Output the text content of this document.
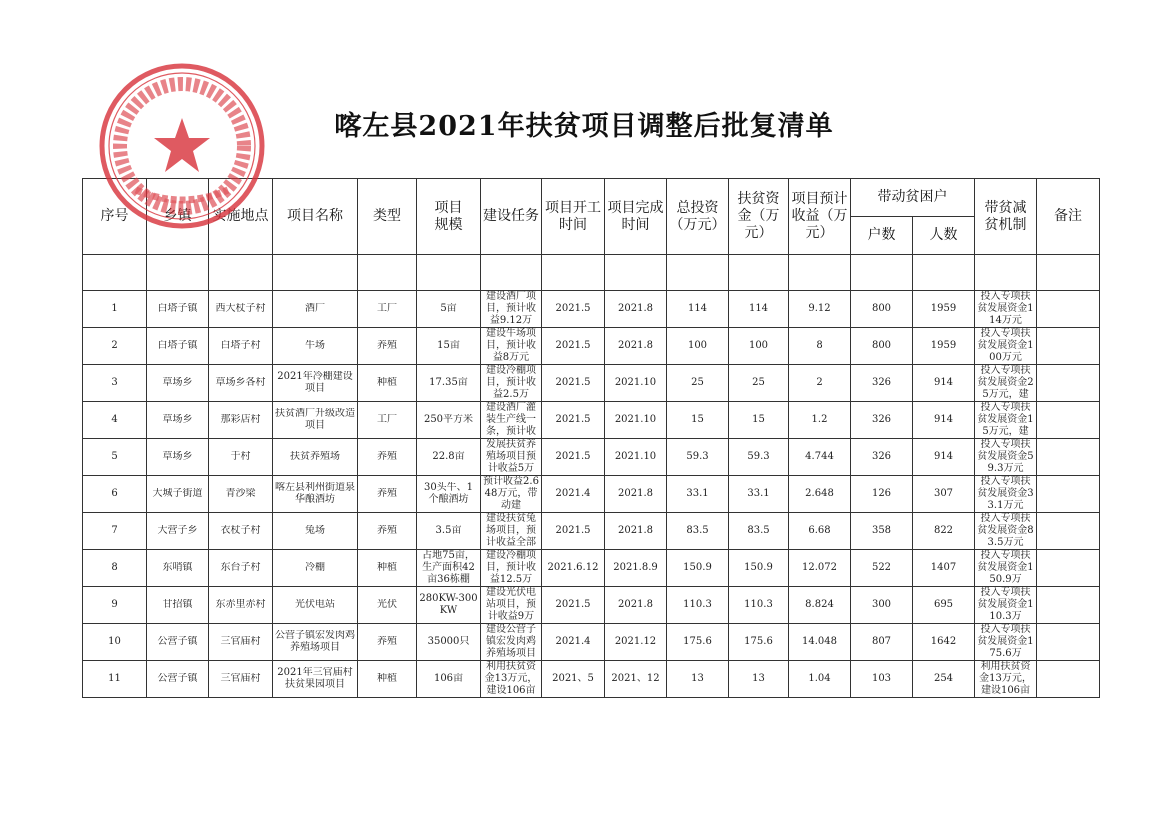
喀左县2021年扶贫项目调整后批复清单
序号	乡镇	实施地点	项目名称	类型	项目规模	建设任务	项目开工时间	项目完成时间	总投资（万元）	扶贫资金（万元）	项目预计收益（万元）	带动贫困户		带贫减贫机制	备注
												户数	人数		

1	白塔子镇	西大杖子村	酒厂	工厂	5亩	建设酒厂项目，预计收益9.12万	2021.5	2021.8	114	114	9.12	800	1959	投入专项扶贫发展资金114万元	

2	白塔子镇	白塔子村	牛场	养殖	15亩	建设牛场项目，预计收益8万元	2021.5	2021.8	100	100	8	800	1959	投入专项扶贫发展资金100万元	

3	草场乡	草场乡各村	2021年冷棚建设项目	种植	17.35亩	建设冷棚项目，预计收益2.5万	2021.5	2021.10	25	25	2	326	914	投入专项扶贫发展资金25万元，建	

4	草场乡	那彩店村	扶贫酒厂升级改造项目	工厂	250平方米	建设酒厂灌装生产线一条，预计收	2021.5	2021.10	15	15	1.2	326	914	投入专项扶贫发展资金15万元，建	

5	草场乡	于村	扶贫养殖场	养殖	22.8亩	发展扶贫养殖场项目预计收益5万	2021.5	2021.10	59.3	59.3	4.744	326	914	投入专项扶贫发展资金59.3万元	

6	大城子街道	青沙梁	喀左县利州街道泉华酿酒坊	养殖	30头牛、1个酿酒坊	预计收益2.648万元，带动建	2021.4	2021.8	33.1	33.1	2.648	126	307	投入专项扶贫发展资金33.1万元	

7	大营子乡	衣杖子村	兔场	养殖	3.5亩	建设扶贫兔场项目，预计收益全部	2021.5	2021.8	83.5	83.5	6.68	358	822	投入专项扶贫发展资金83.5万元	

8	东哨镇	东台子村	冷棚	种植	占地75亩，生产面积42亩36栋棚	建设冷棚项目，预计收益12.5万	2021.6.12	2021.8.9	150.9	150.9	12.072	522	1407	投入专项扶贫发展资金150.9万	

9	甘招镇	东赤里赤村	光伏电站	光伏	280KW-300KW	建设光伏电站项目，预计收益9万	2021.5	2021.8	110.3	110.3	8.824	300	695	投入专项扶贫发展资金110.3万	

10	公营子镇	三官庙村	公营子镇宏发肉鸡养殖场项目	养殖	35000只	建设公营子镇宏发肉鸡养殖场项目	2021.4	2021.12	175.6	175.6	14.048	807	1642	投入专项扶贫发展资金175.6万	

11	公营子镇	三官庙村	2021年三官庙村扶贫果园项目	种植	106亩	利用扶贫资金13万元，建设106亩	2021、5	2021、12	13	13	1.04	103	254	利用扶贫资金13万元，建设106亩	
